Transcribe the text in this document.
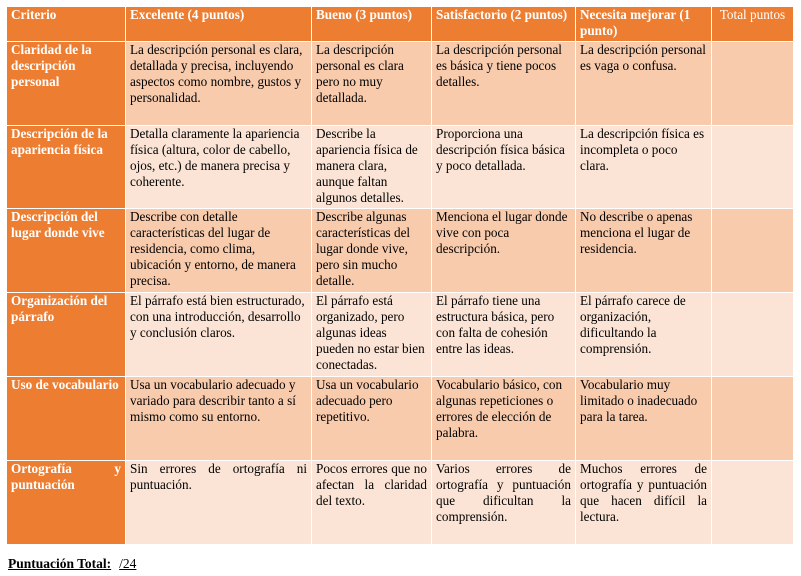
Criterio	Excelente (4 puntos)	Bueno (3 puntos)	Satisfactorio (2 puntos)	Necesita mejorar (1 punto)	Total puntos
Claridad de la descripción personal	La descripción personal es clara, detallada y precisa, incluyendo aspectos como nombre, gustos y personalidad.	La descripción personal es clara pero no muy detallada.	La descripción personal es básica y tiene pocos detalles.	La descripción personal es vaga o confusa.	
Descripción de la apariencia física	Detalla claramente la apariencia física (altura, color de cabello, ojos, etc.) de manera precisa y coherente.	Describe la apariencia física de manera clara, aunque faltan algunos detalles.	Proporciona una descripción física básica y poco detallada.	La descripción física es incompleta o poco clara.	
Descripción del lugar donde vive	Describe con detalle características del lugar de residencia, como clima, ubicación y entorno, de manera precisa.	Describe algunas características del lugar donde vive, pero sin mucho detalle.	Menciona el lugar donde vive con poca descripción.	No describe o apenas menciona el lugar de residencia.	
Organización del párrafo	El párrafo está bien estructurado, con una introducción, desarrollo y conclusión claros.	El párrafo está organizado, pero algunas ideas pueden no estar bien conectadas.	El párrafo tiene una estructura básica, pero con falta de cohesión entre las ideas.	El párrafo carece de organización, dificultando la comprensión.	
Uso de vocabulario	Usa un vocabulario adecuado y variado para describir tanto a sí mismo como su entorno.	Usa un vocabulario adecuado pero repetitivo.	Vocabulario básico, con algunas repeticiones o errores de elección de palabra.	Vocabulario muy limitado o inadecuado para la tarea.	
Ortografía y puntuación	Sin errores de ortografía ni puntuación.	Pocos errores que no afectan la claridad del texto.	Varios errores de ortografía y puntuación que dificultan la comprensión.	Muchos errores de ortografía y puntuación que hacen difícil la lectura.	
Puntuación Total: /24
